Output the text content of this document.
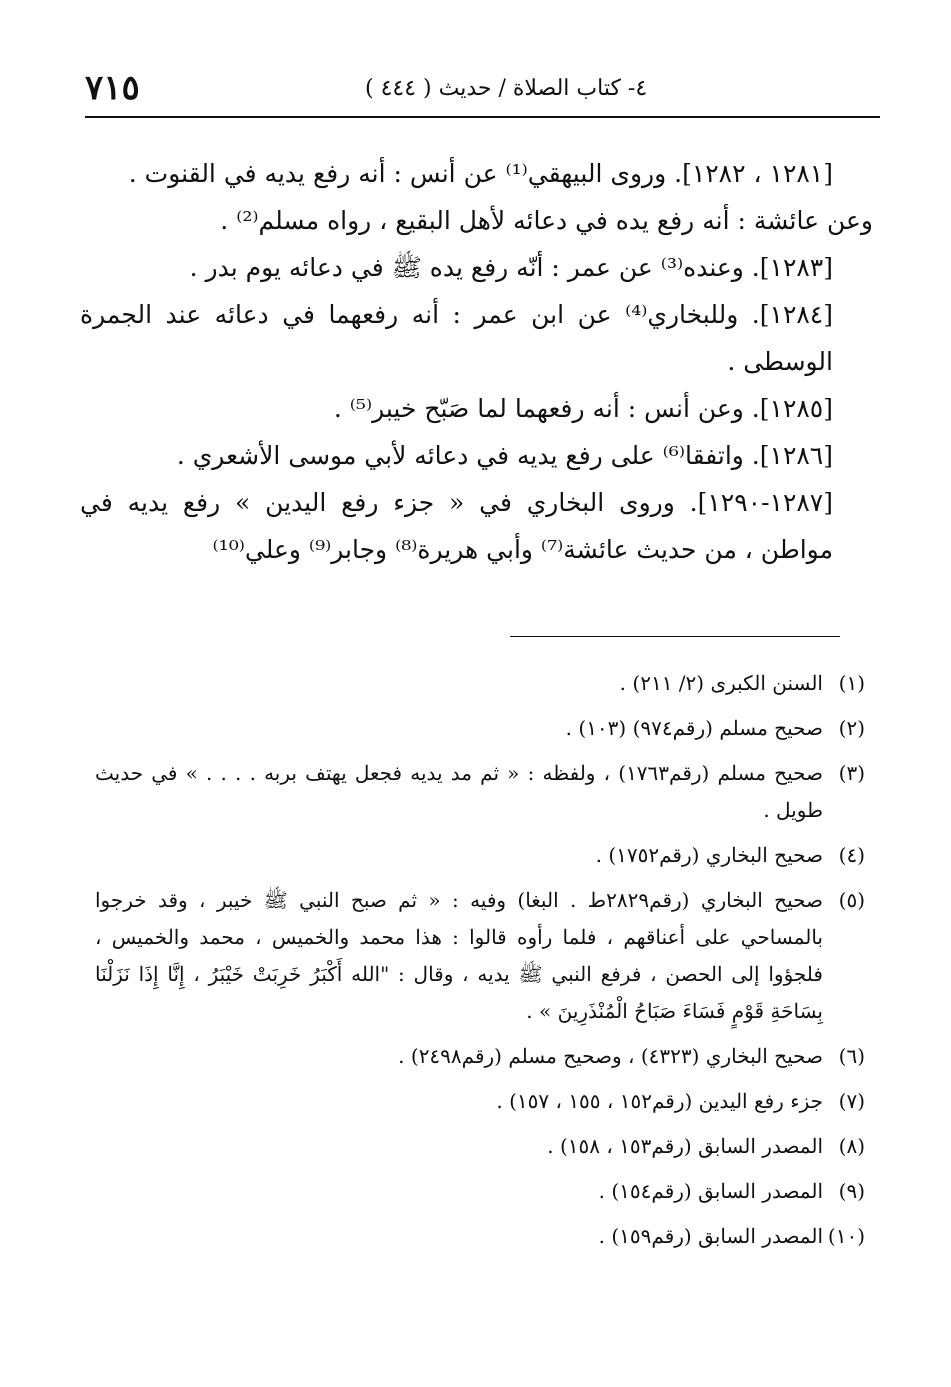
٧١٥	٤- كتاب الصلاة / حديث ( ٤٤٤ )

[١٢٨١ ، ١٢٨٢]. وروى البيهقي⁽¹⁾ عن أنس : أنه رفع يديه في القنوت .

وعن عائشة : أنه رفع يده في دعائه لأهل البقيع ، رواه مسلم⁽²⁾ .

[١٢٨٣]. وعنده⁽³⁾ عن عمر : أنّه رفع يده ﷺ في دعائه يوم بدر .

[١٢٨٤]. وللبخاري⁽⁴⁾ عن ابن عمر : أنه رفعهما في دعائه عند الجمرة الوسطى .

[١٢٨٥]. وعن أنس : أنه رفعهما لما صَبّح خيبر⁽⁵⁾ .

[١٢٨٦]. واتفقا⁽⁶⁾ على رفع يديه في دعائه لأبي موسى الأشعري .

[١٢٨٧-١٢٩٠]. وروى البخاري في « جزء رفع اليدين » رفع يديه في مواطن ، من حديث عائشة⁽⁷⁾ وأبي هريرة⁽⁸⁾ وجابر⁽⁹⁾ وعلي⁽¹⁰⁾

(١)
السنن الكبرى (٢/ ٢١١) .
(٢)
صحيح مسلم (رقم٩٧٤) (١٠٣) .
(٣)
صحيح مسلم (رقم١٧٦٣) ، ولفظه : « ثم مد يديه فجعل يهتف بربه . . . . » في حديث طويل .
(٤)
صحيح البخاري (رقم١٧٥٢) .
(٥)
صحيح البخاري (رقم٢٨٢٩ط . البغا) وفيه : « ثم صبح النبي ﷺ خيبر ، وقد خرجوا بالمساحي على أعناقهم ، فلما رأوه قالوا : هذا محمد والخميس ، محمد والخميس ، فلجؤوا إلى الحصن ، فرفع النبي ﷺ يديه ، وقال : "الله أَكْبَرُ خَرِبَتْ خَيْبَرُ ، إِنَّا إِذَا نَزَلْنَا بِسَاحَةِ قَوْمٍ فَسَاءَ صَبَاحُ الْمُنْذَرِينَ » .
(٦)
صحيح البخاري (٤٣٢٣) ، وصحيح مسلم (رقم٢٤٩٨) .
(٧)
جزء رفع اليدين (رقم١٥٢ ، ١٥٥ ، ١٥٧) .
(٨)
المصدر السابق (رقم١٥٣ ، ١٥٨) .
(٩)
المصدر السابق (رقم١٥٤) .
(١٠)
المصدر السابق (رقم١٥٩) .
